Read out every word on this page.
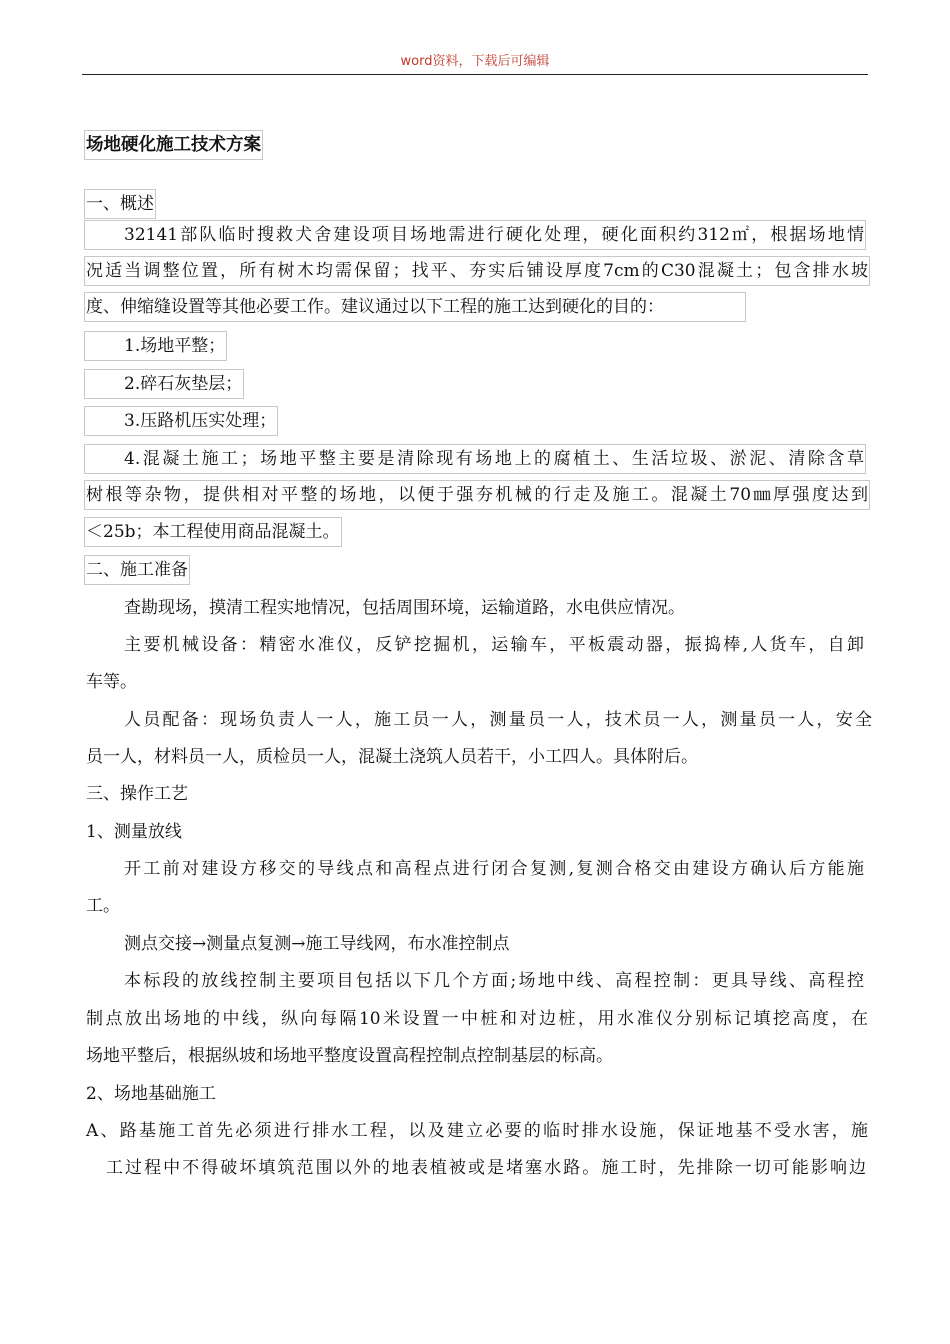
word资料，下载后可编辑
场地硬化施工技术方案
一、概述
32141部队临时搜救犬舍建设项目场地需进行硬化处理，硬化面积约312㎡，根据场地情
况适当调整位置，所有树木均需保留；找平、夯实后铺设厚度7cm的C30混凝土；包含排水坡
度、伸缩缝设置等其他必要工作。建议通过以下工程的施工达到硬化的目的：
1.场地平整；
2.碎石灰垫层；
3.压路机压实处理；
4.混凝土施工；场地平整主要是清除现有场地上的腐植土、生活垃圾、淤泥、清除含草
树根等杂物，提供相对平整的场地，以便于强夯机械的行走及施工。混凝土70㎜厚强度达到
＜25b；本工程使用商品混凝土。
二、施工准备
查勘现场，摸清工程实地情况，包括周围环境，运输道路，水电供应情况。
主要机械设备：精密水准仪，反铲挖掘机，运输车，平板震动器，振捣棒,人货车，自卸
车等。
人员配备：现场负责人一人，施工员一人，测量员一人，技术员一人，测量员一人，安全
员一人，材料员一人，质检员一人，混凝土浇筑人员若干，小工四人。具体附后。
三、操作工艺
1、测量放线
开工前对建设方移交的导线点和高程点进行闭合复测,复测合格交由建设方确认后方能施
工。
测点交接→测量点复测→施工导线网，布水准控制点
本标段的放线控制主要项目包括以下几个方面;场地中线、高程控制：更具导线、高程控
制点放出场地的中线，纵向每隔10米设置一中桩和对边桩，用水准仪分别标记填挖高度，在
场地平整后，根据纵坡和场地平整度设置高程控制点控制基层的标高。
2、场地基础施工
A、路基施工首先必须进行排水工程，以及建立必要的临时排水设施，保证地基不受水害，施
工过程中不得破坏填筑范围以外的地表植被或是堵塞水路。施工时，先排除一切可能影响边
